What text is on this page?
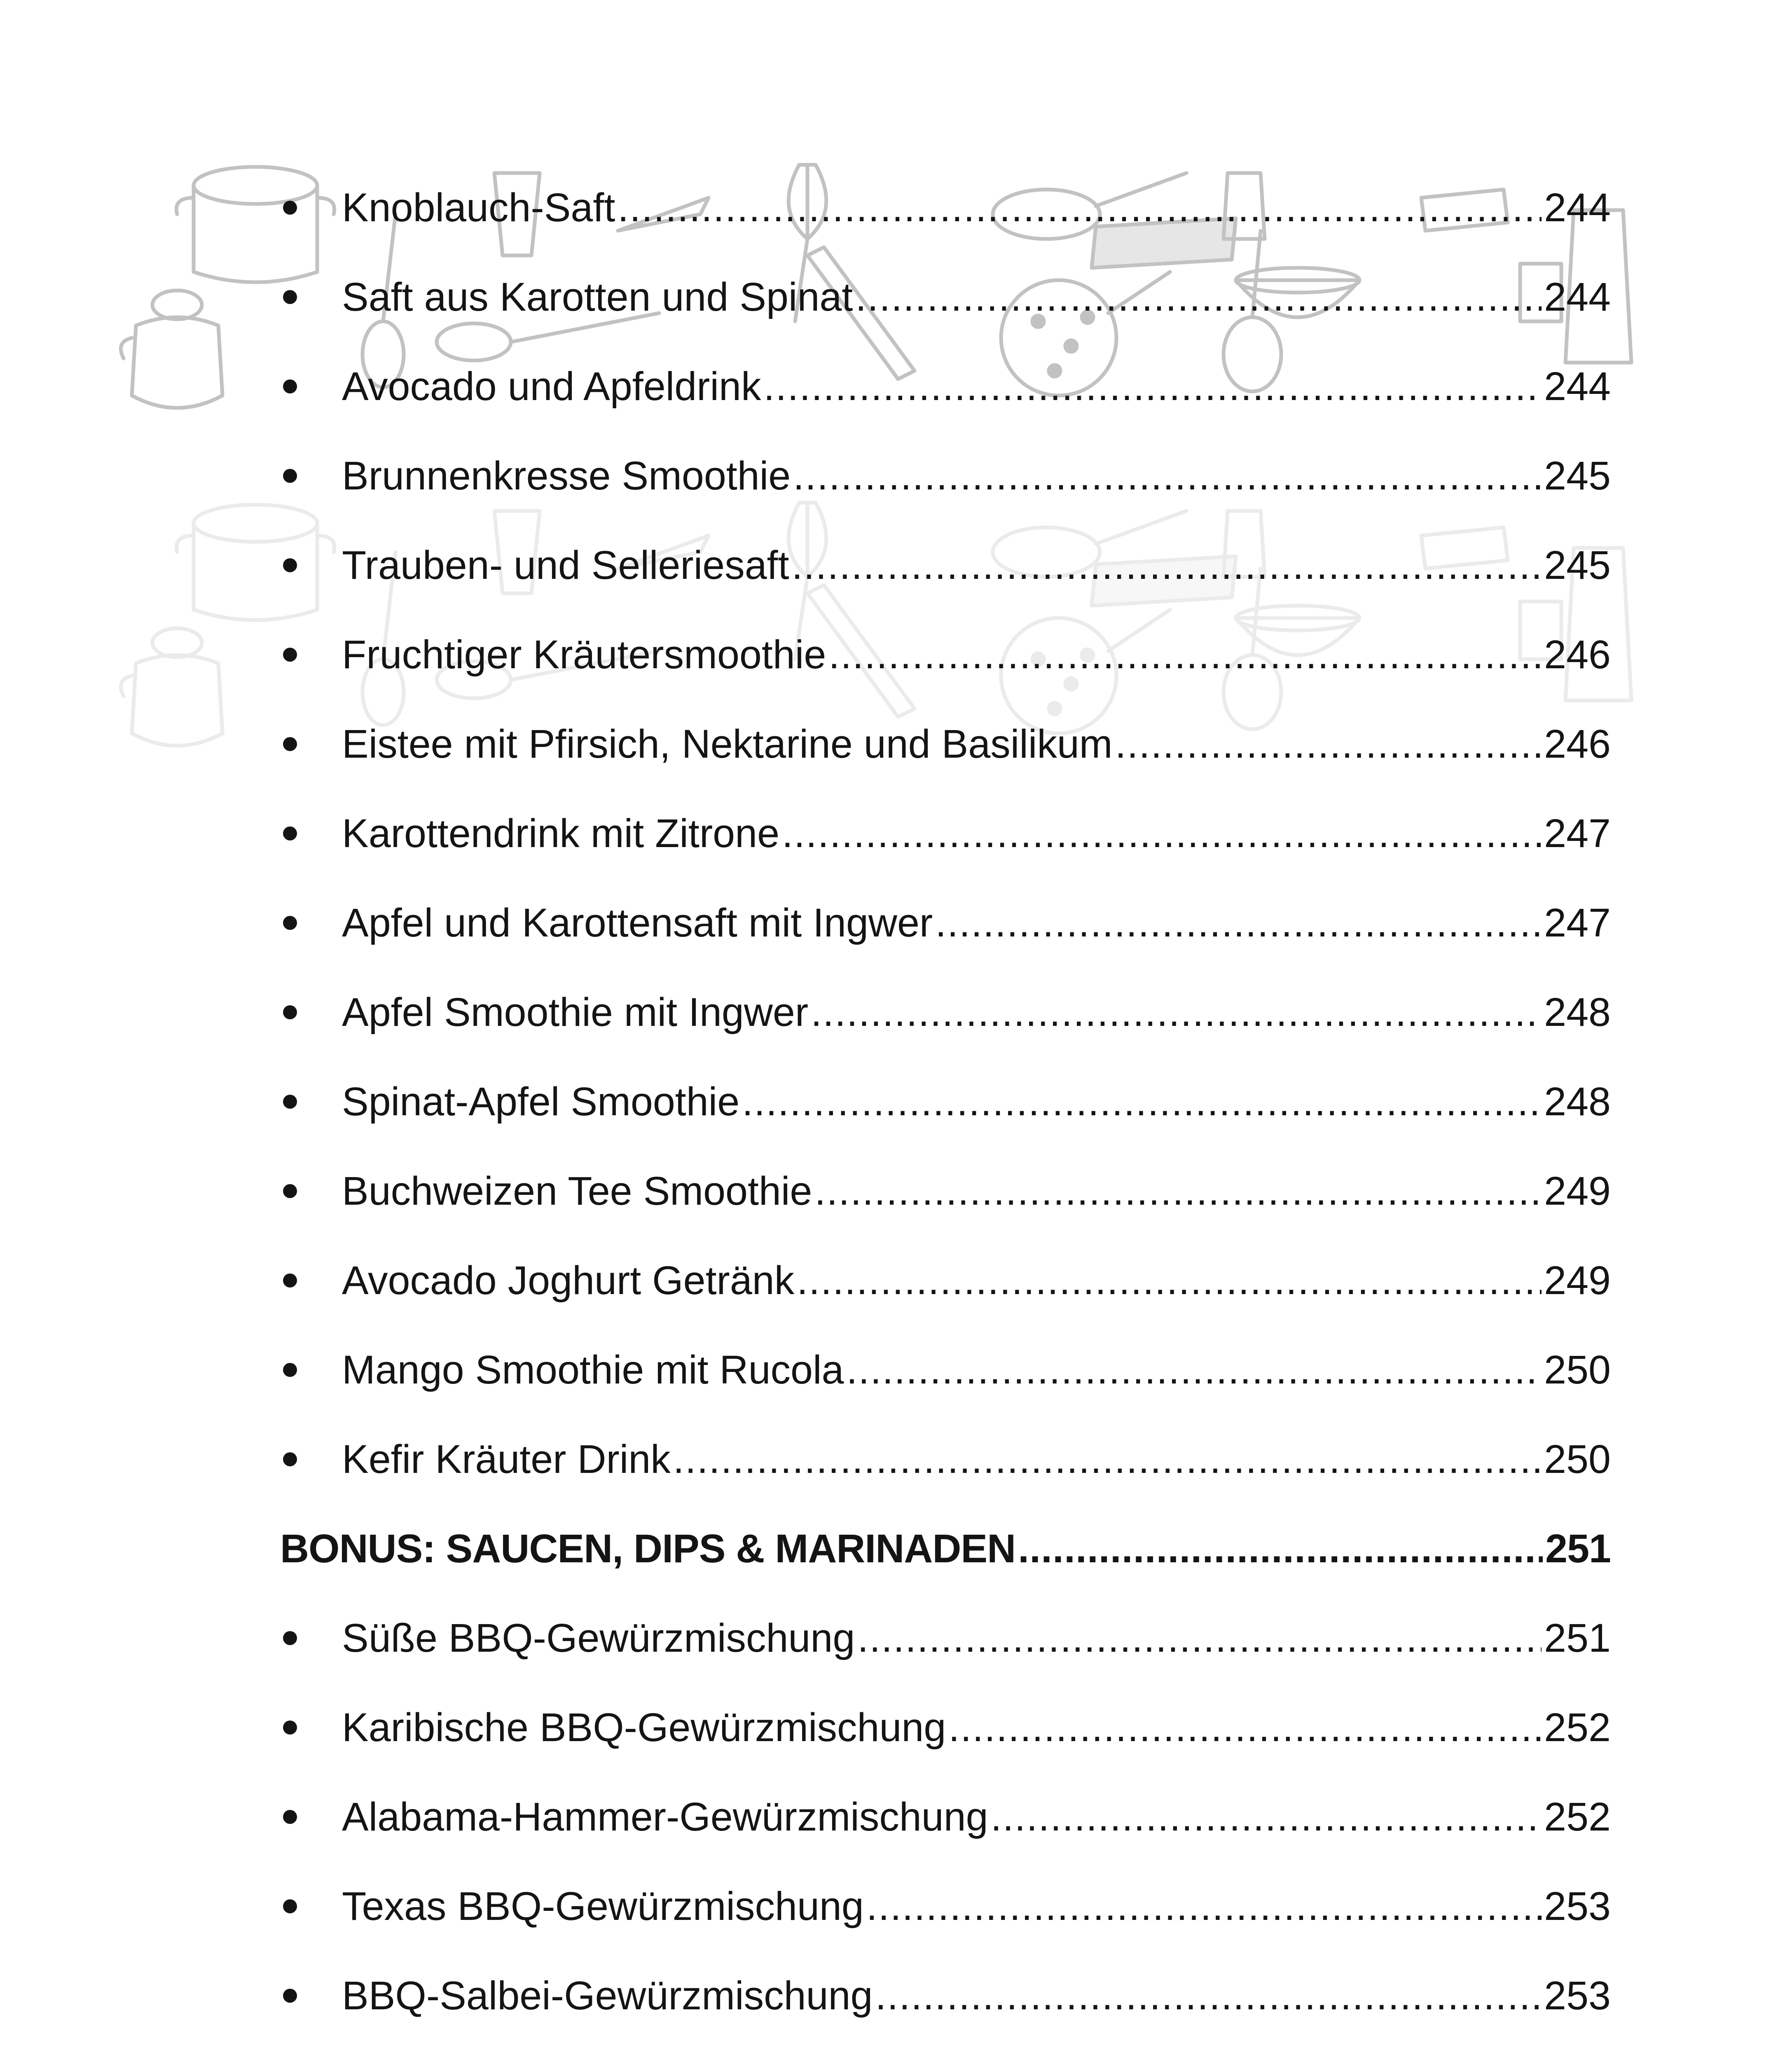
Knoblauch-Saft .....	244
Saft aus Karotten und Spinat .....	244
Avocado und Apfeldrink .....	244
Brunnenkresse Smoothie .....	245
Trauben- und Selleriesaft .....	245
Fruchtiger Kräutersmoothie .....	246
Eistee mit Pfirsich, Nektarine und Basilikum .....	246
Karottendrink mit Zitrone .....	247
Apfel und Karottensaft mit Ingwer .....	247
Apfel Smoothie mit Ingwer .....	248
Spinat-Apfel Smoothie .....	248
Buchweizen Tee Smoothie .....	249
Avocado Joghurt Getränk .....	249
Mango Smoothie mit Rucola .....	250
Kefir Kräuter Drink .....	250
BONUS: SAUCEN, DIPS & MARINADEN .....	251
Süße BBQ-Gewürzmischung .....	251
Karibische BBQ-Gewürzmischung .....	252
Alabama-Hammer-Gewürzmischung .....	252
Texas BBQ-Gewürzmischung .....	253
BBQ-Salbei-Gewürzmischung .....	253
